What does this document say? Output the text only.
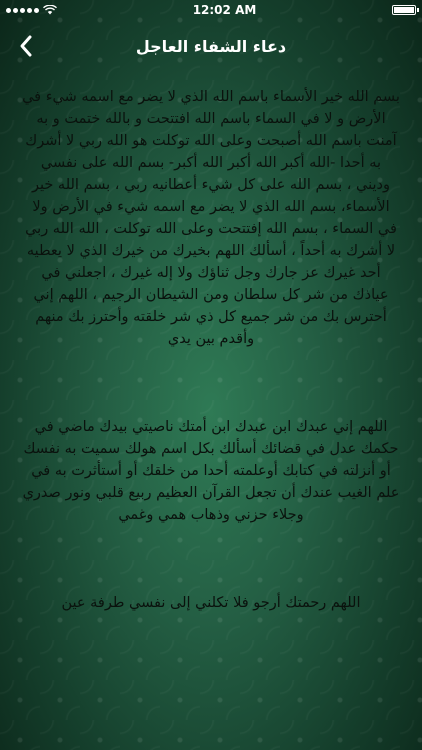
12:02 AM
دعاء الشفاء العاجل

بسم الله خير الأسماء باسم الله الذي لا يضر مع اسمه شيء في الأرض و لا في السماء باسم الله افتتحت و بالله ختمت و به آمنت باسم الله أصبحت وعلى الله توكلت هو الله ربي لا أشرك به أحدا -الله أكبر الله أكبر الله أكبر- بسم الله على نفسي وديني ، بسم الله على كل شيء أعطانيه ربي ، بسم الله خير الأسماء، بسم الله الذي لا يضر مع اسمه شيء في الأرض ولا في السماء ، بسم الله إفتتحت وعلى الله توكلت ، الله الله ربي لا أشرك به أحداً ، أسألك اللهم بخيرك من خيرك الذي لا يعطيه أحد غيرك عز جارك وجل ثناؤك ولا إله غيرك ، اجعلني في عياذك من شر كل سلطان ومن الشيطان الرجيم ، اللهم إني أحترس بك من شر جميع كل ذي شر خلقته وأحترز بك منهم وأقدم بين يدي

اللهم إني عبدك ابن عبدك ابن أمتك ناصيتي بيدك ماضي في حكمك عدل في قضائك أسألك بكل اسم هولك سميت به نفسك أو أنزلته في كتابك أوعلمته أحدا من خلقك أو أستأثرت به في علم الغيب عندك أن تجعل القرآن العظيم ربيع قلبي ونور صدري وجلاء حزني وذهاب همي وغمي

اللهم رحمتك أرجو فلا تكلني إلى نفسي طرفة عين
